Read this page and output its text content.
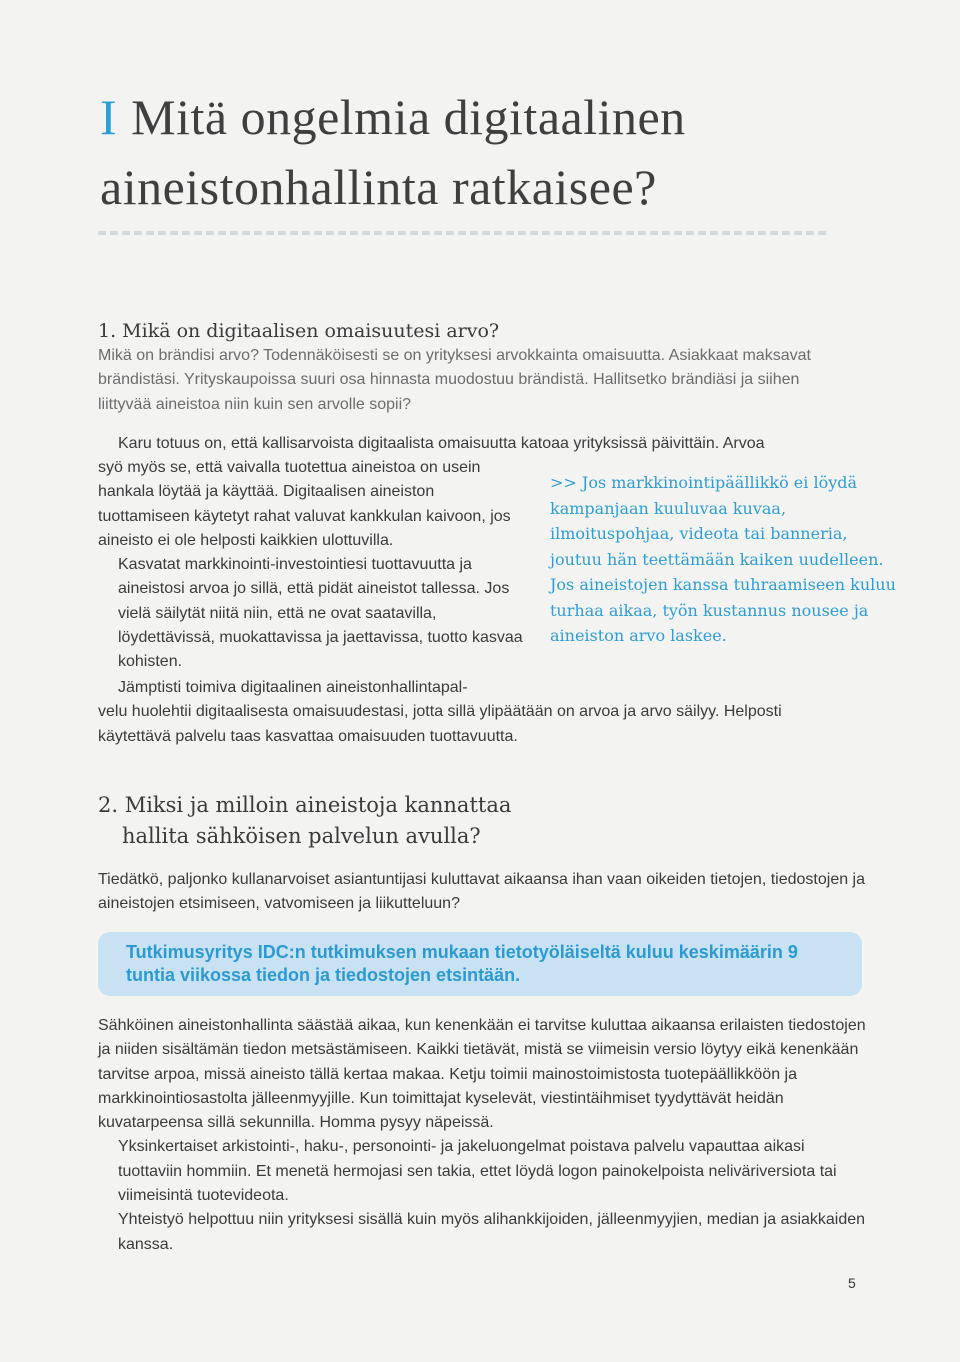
I Mitä ongelmia digitaalinen
aineistonhallinta ratkaisee?
1. Mikä on digitaalisen omaisuutesi arvo?

Mikä on brändisi arvo? Todennäköisesti se on yrityksesi arvokkainta omaisuutta. Asiakkaat maksavat brändistäsi. Yrityskaupoissa suuri osa hinnasta muodostuu brändistä. Hallitsetko brändiäsi ja siihen liittyvää aineistoa niin kuin sen arvolle sopii?

Karu totuus on, että kallisarvoista digitaalista omaisuutta katoaa yrityksissä päivittäin. Arvoa

syö myös se, että vaivalla tuotettua aineistoa on usein hankala löytää ja käyttää. Digitaalisen aineiston tuottamiseen käytetyt rahat valuvat kankkulan kaivoon, jos aineisto ei ole helposti kaikkien ulottuvilla.
Kasvatat markkinointi-investointiesi tuottavuutta ja aineistosi arvoa jo sillä, että pidät aineistot tallessa. Jos vielä säilytät niitä niin, että ne ovat saatavilla, löydettävissä, muokattavissa ja jaettavissa, tuotto kasvaa kohisten.
Jämptisti toimiva digitaalinen aineistonhallintapal-
velu huolehtii digitaalisesta omaisuudestasi, jotta sillä ylipäätään on arvoa ja arvo säilyy. Helposti käytettävä palvelu taas kasvattaa omaisuuden tuottavuutta.

>> Jos markkinointipäällikkö ei löydä kampanjaan kuuluvaa kuvaa, ilmoituspohjaa, videota tai banneria, joutuu hän teettämään kaiken uudelleen. Jos aineistojen kanssa tuhraamiseen kuluu turhaa aikaa, työn kustannus nousee ja aineiston arvo laskee.

2. Miksi ja milloin aineistoja kannattaa
hallita sähköisen palvelun avulla?

Tiedätkö, paljonko kullanarvoiset asiantuntijasi kuluttavat aikaansa ihan vaan oikeiden tietojen, tiedostojen ja aineistojen etsimiseen, vatvomiseen ja liikutteluun?

Tutkimusyritys IDC:n tutkimuksen mukaan tietotyöläiseltä kuluu keskimäärin 9 tuntia viikossa tiedon ja tiedostojen etsintään.

Sähköinen aineistonhallinta säästää aikaa, kun kenenkään ei tarvitse kuluttaa aikaansa erilaisten tiedostojen ja niiden sisältämän tiedon metsästämiseen. Kaikki tietävät, mistä se viimeisin versio löytyy eikä kenenkään tarvitse arpoa, missä aineisto tällä kertaa makaa. Ketju toimii mainostoimistosta tuotepäällikköön ja markkinointiosastolta jälleenmyyjille. Kun toimittajat kyselevät, viestintäihmiset tyydyttävät heidän kuvatarpeensa sillä sekunnilla. Homma pysyy näpeissä.
Yksinkertaiset arkistointi-, haku-, personointi- ja jakeluongelmat poistava palvelu vapauttaa aikasi tuottaviin hommiin. Et menetä hermojasi sen takia, ettet löydä logon painokelpoista neliväriversiota tai viimeisintä tuotevideota.
Yhteistyö helpottuu niin yrityksesi sisällä kuin myös alihankkijoiden, jälleenmyyjien, median ja asiakkaiden kanssa.
5
